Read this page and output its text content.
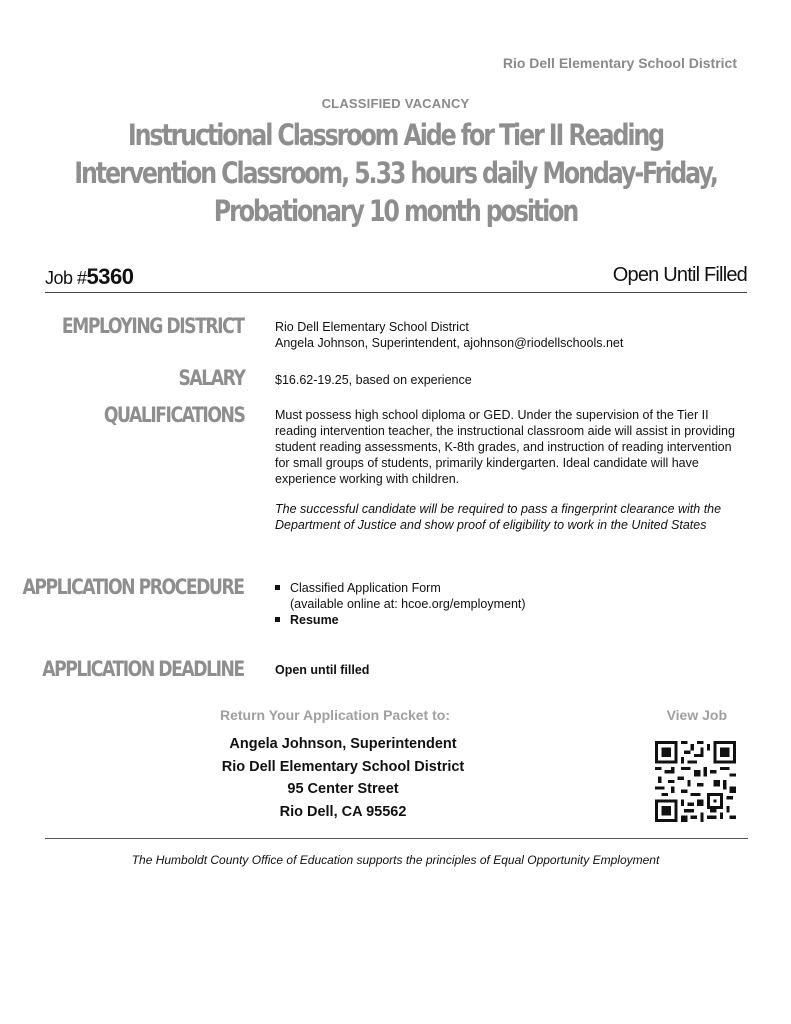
Rio Dell Elementary School District
CLASSIFIED VACANCY
Instructional Classroom Aide for Tier II Reading Intervention Classroom, 5.33 hours daily Monday-Friday, Probationary 10 month position
Job #5360	Open Until Filled
EMPLOYING DISTRICT Rio Dell Elementary School District

Angela Johnson, Superintendent, ajohnson@riodellschools.net

SALARY $16.62-19.25, based on experience
QUALIFICATIONS Must possess high school diploma or GED. Under the supervision of the Tier II reading intervention teacher, the instructional classroom aide will assist in providing student reading assessments, K-8th grades, and instruction of reading intervention for small groups of students, primarily kindergarten. Ideal candidate will have experience working with children.

The successful candidate will be required to pass a fingerprint clearance with the Department of Justice and show proof of eligibility to work in the United States

APPLICATION PROCEDURE	Classified Application Form
(available online at: hcoe.org/employment)
Resume
APPLICATION DEADLINE Open until filled
Return Your Application Packet to:	View Job
Angela Johnson, Superintendent
Rio Dell Elementary School District
95 Center Street
Rio Dell, CA 95562
The Humboldt County Office of Education supports the principles of Equal Opportunity Employment
